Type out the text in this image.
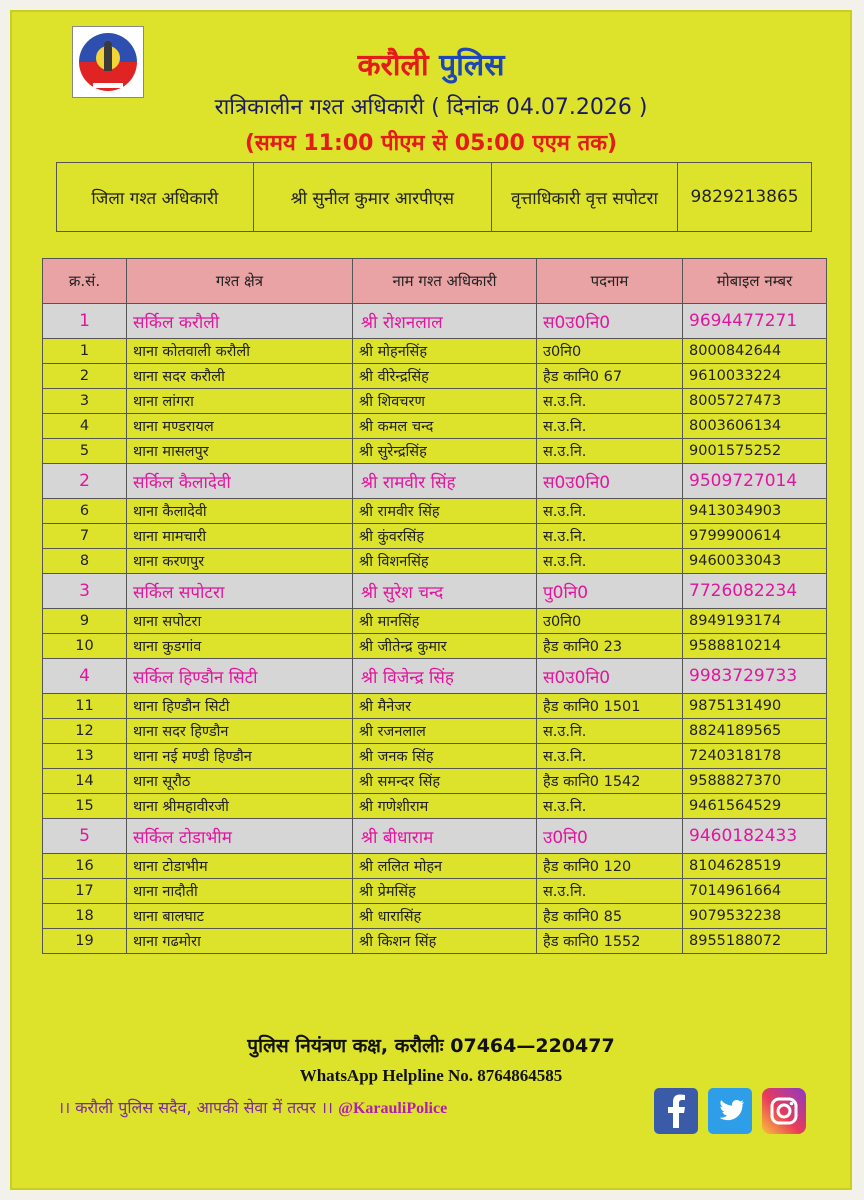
करौली पुलिस
रात्रिकालीन गश्त अधिकारी ( दिनांक 04.07.2026 )
(समय 11:00 पीएम से 05:00 एएम तक)
जिला गश्त अधिकारी	श्री सुनील कुमार आरपीएस	वृत्ताधिकारी वृत्त सपोटरा	9829213865
क्र.सं.	गश्त क्षेत्र	नाम गश्त अधिकारी	पदनाम	मोबाइल नम्बर
1	सर्किल करौली	श्री रोशनलाल	स0उ0नि0	9694477271
1	थाना कोतवाली करौली	श्री मोहनसिंह	उ0नि0	8000842644
2	थाना सदर करौली	श्री वीरेन्द्रसिंह	हैड कानि0 67	9610033224
3	थाना लांगरा	श्री शिवचरण	स.उ.नि.	8005727473
4	थाना मण्डरायल	श्री कमल चन्द	स.उ.नि.	8003606134
5	थाना मासलपुर	श्री सुरेन्द्रसिंह	स.उ.नि.	9001575252
2	सर्किल कैलादेवी	श्री रामवीर सिंह	स0उ0नि0	9509727014
6	थाना कैलादेवी	श्री रामवीर सिंह	स.उ.नि.	9413034903
7	थाना मामचारी	श्री कुंवरसिंह	स.उ.नि.	9799900614
8	थाना करणपुर	श्री विशनसिंह	स.उ.नि.	9460033043
3	सर्किल सपोटरा	श्री सुरेश चन्द	पु0नि0	7726082234
9	थाना सपोटरा	श्री मानसिंह	उ0नि0	8949193174
10	थाना कुडगांव	श्री जीतेन्द्र कुमार	हैड कानि0 23	9588810214
4	सर्किल हिण्डौन सिटी	श्री विजेन्द्र सिंह	स0उ0नि0	9983729733
11	थाना हिण्डौन सिटी	श्री मैनेजर	हैड कानि0 1501	9875131490
12	थाना सदर हिण्डौन	श्री रजनलाल	स.उ.नि.	8824189565
13	थाना नई मण्डी हिण्डौन	श्री जनक सिंह	स.उ.नि.	7240318178
14	थाना सूरौठ	श्री समन्दर सिंह	हैड कानि0 1542	9588827370
15	थाना श्रीमहावीरजी	श्री गणेशीराम	स.उ.नि.	9461564529
5	सर्किल टोडाभीम	श्री बीधाराम	उ0नि0	9460182433
16	थाना टोडाभीम	श्री ललित मोहन	हैड कानि0 120	8104628519
17	थाना नादौती	श्री प्रेमसिंह	स.उ.नि.	7014961664
18	थाना बालघाट	श्री धारासिंह	हैड कानि0 85	9079532238
19	थाना गढमोरा	श्री किशन सिंह	हैड कानि0 1552	8955188072
पुलिस नियंत्रण कक्ष, करौलीः 07464—220477
WhatsApp Helpline No. 8764864585
।। करौली पुलिस सदैव, आपकी सेवा में तत्पर ।। @KarauliPolice
